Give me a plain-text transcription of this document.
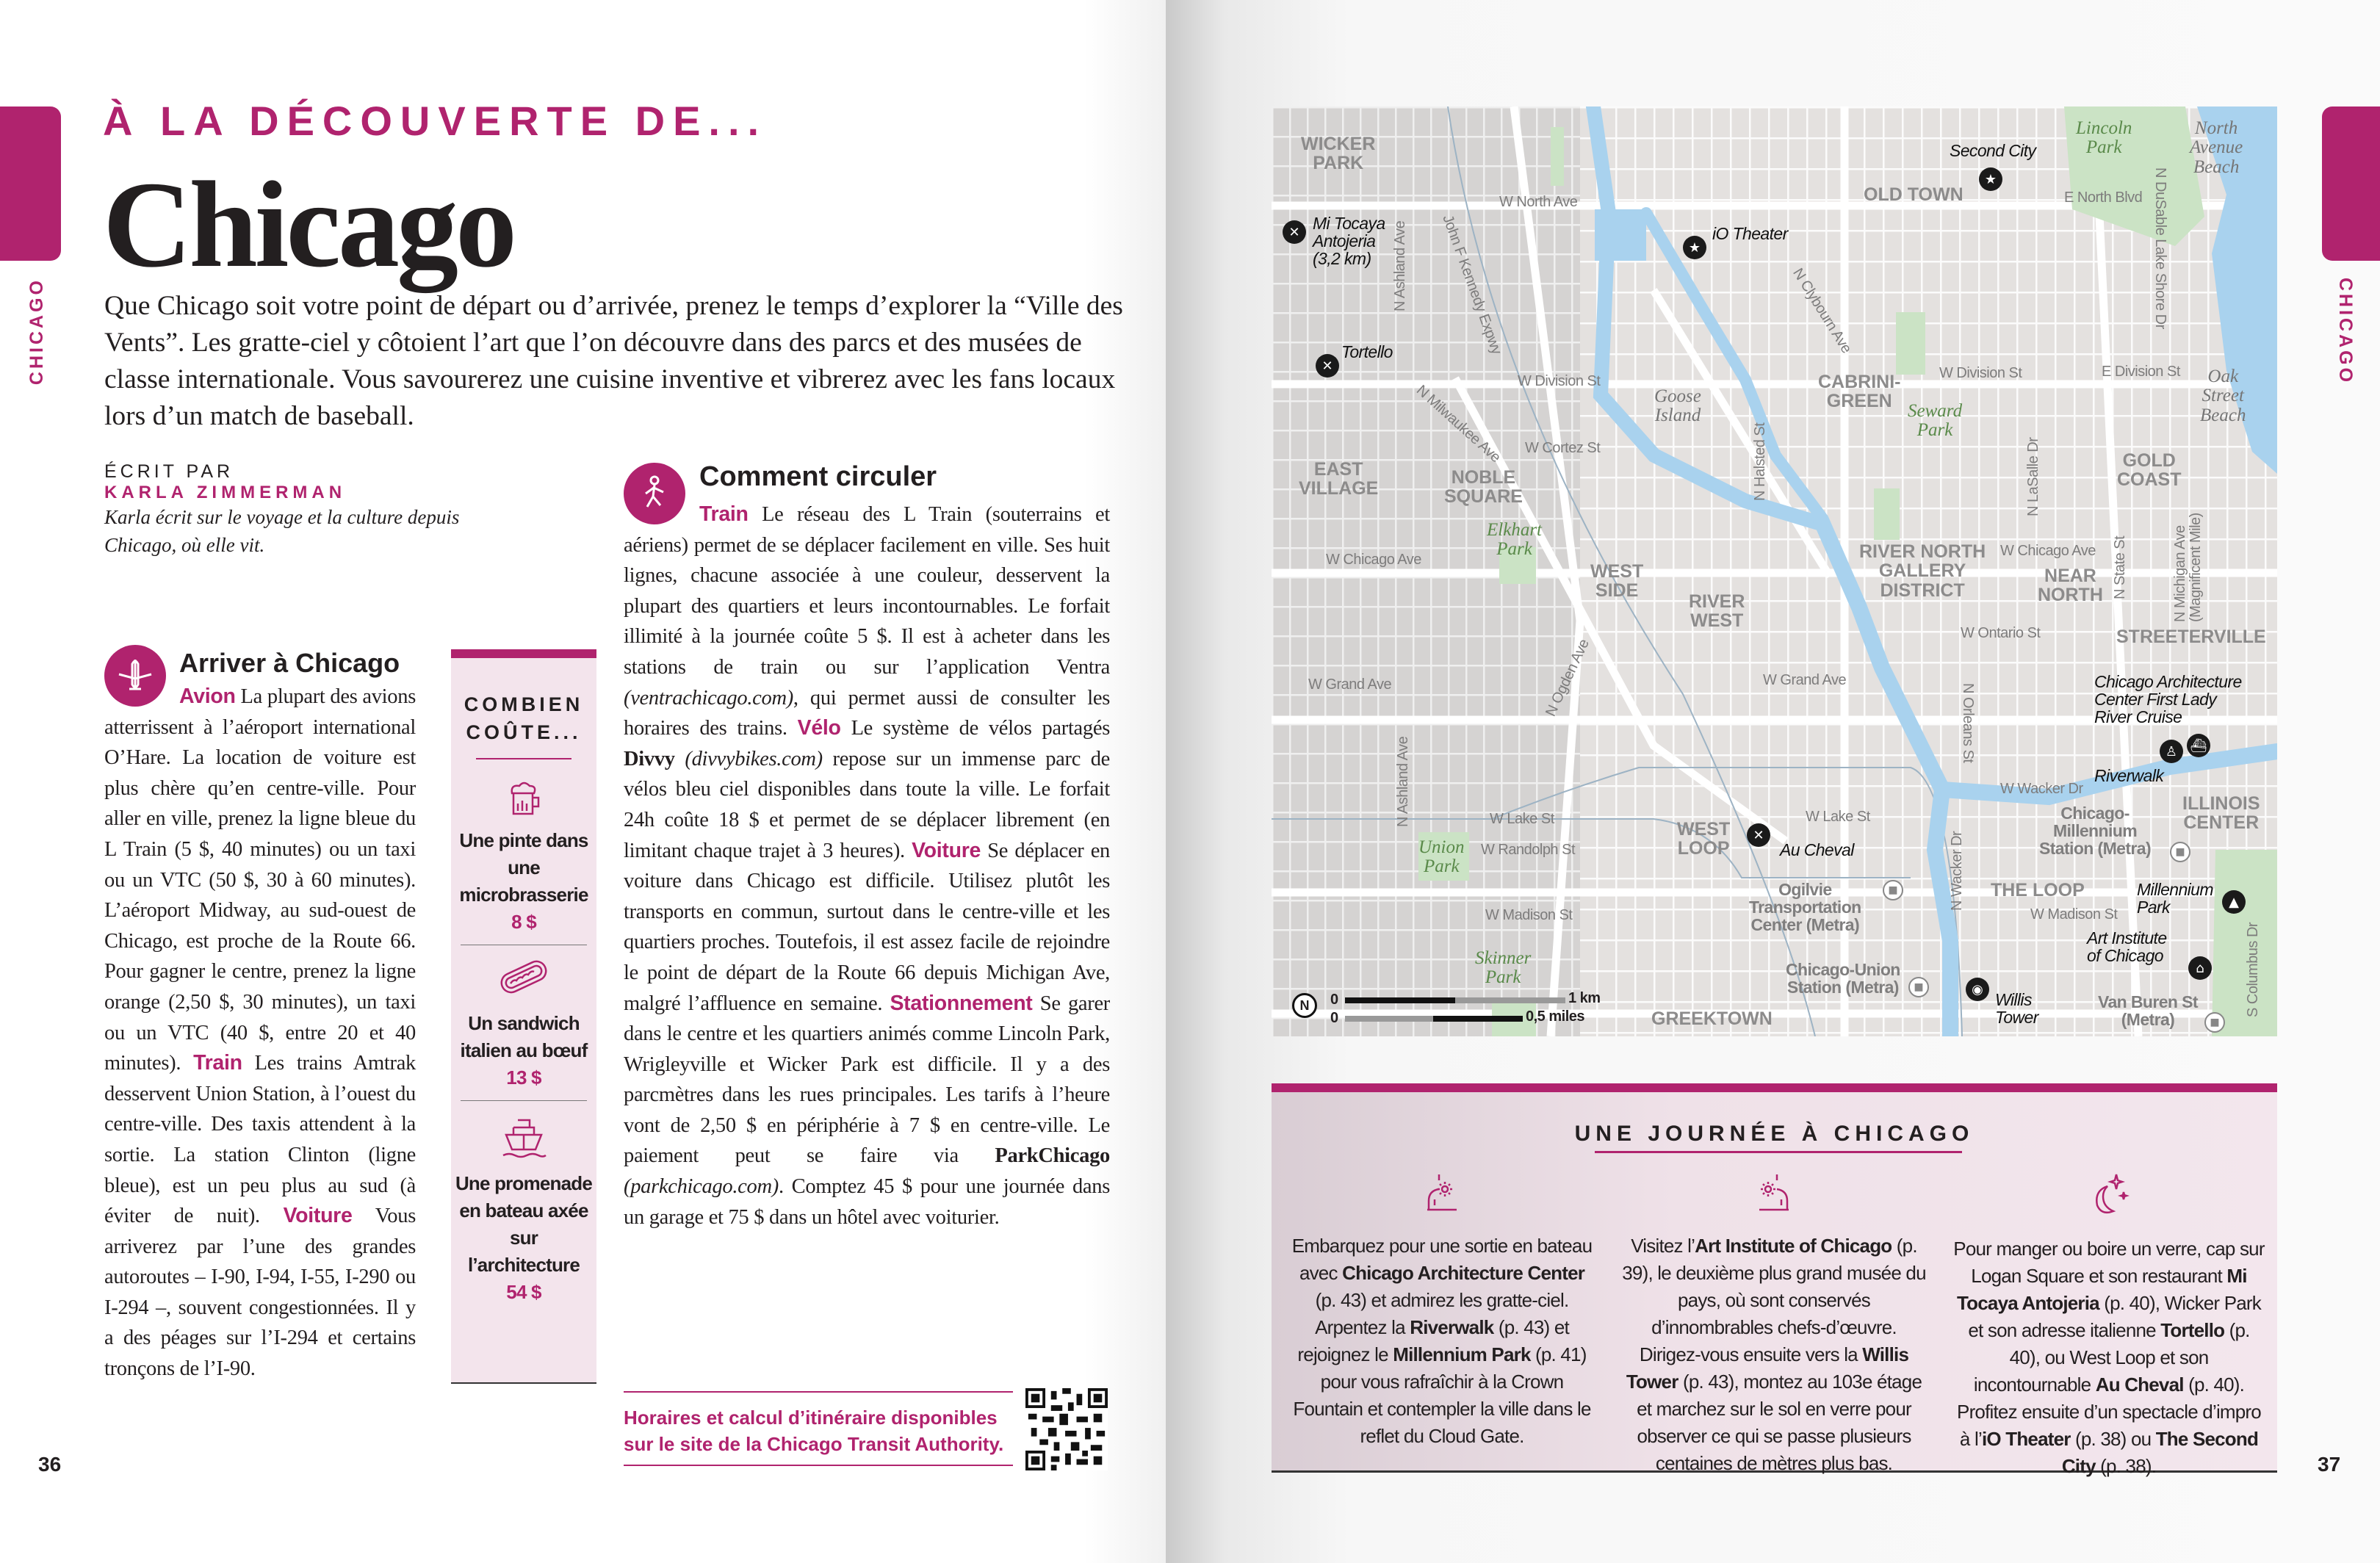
CHICAGO	CHICAGO
À LA DÉCOUVERTE DE...
Chicago
Que Chicago soit votre point de départ ou d’arrivée, prenez le temps d’explorer la “Ville des Vents”. Les gratte-ciel y côtoient l’art que l’on découvre dans des parcs et des musées de classe internationale. Vous savourerez une cuisine inventive et vibrerez avec les fans locaux lors d’un match de baseball.
ÉCRIT PAR
KARLA ZIMMERMAN
Karla écrit sur le voyage et la culture depuis Chicago, où elle vit.
Arriver à Chicago
Avion La plupart des avions atterrissent à l’aéroport international O’Hare. La location de voiture est plus chère qu’en centre-ville. Pour aller en ville, prenez la ligne bleue du L Train (5 $, 40 minutes) ou un taxi ou un VTC (50 $, 30 à 60 minutes). L’aéroport Midway, au sud-ouest de Chicago, est proche de la Route 66. Pour gagner le centre, prenez la ligne orange (2,50 $, 30 minutes), un taxi ou un VTC (40 $, entre 20 et 40 minutes). Train Les trains Amtrak desservent Union Station, à l’ouest du centre-ville. Des taxis attendent à la sortie. La station Clinton (ligne bleue), est un peu plus au sud (à éviter de nuit). Voiture Vous arriverez par l’une des grandes autoroutes – I-90, I-94, I-55, I-290 ou I-294 –, souvent congestionnées. Il y a des péages sur l’I-294 et certains tronçons de l’I-90.
COMBIEN COÛTE...
Une pinte dans une microbrasserie
8 $
Un sandwich italien au bœuf 13 $
Une promenade en bateau axée sur l’architecture
54 $
Comment circuler
Train Le réseau des L Train (souterrains et aériens) permet de se déplacer facilement en ville. Ses huit lignes, chacune associée à une couleur, desservent la plupart des quartiers et leurs incontournables. Le forfait illimité à la journée coûte 5 $. Il est à acheter dans les stations de train ou sur l’application Ventra (ventrachicago.com), qui permet aussi de consulter les horaires des trains. Vélo Le système de vélos partagés Divvy (divvybikes.com) repose sur un immense parc de vélos bleu ciel disponibles dans toute la ville. Le forfait 24h coûte 18 $ et permet de se déplacer librement (en limitant chaque trajet à 3 heures). Voiture Se déplacer en voiture dans Chicago est difficile. Utilisez plutôt les transports en commun, surtout dans le centre-ville et les quartiers proches. Toutefois, il est assez facile de rejoindre le point de départ de la Route 66 depuis Michigan Ave, malgré l’affluence en semaine. Stationnement Se garer dans le centre et les quartiers animés comme Lincoln Park, Wrigleyville et Wicker Park est difficile. Il y a des parcmètres dans les rues principales. Les tarifs à l’heure vont de 2,50 $ en périphérie à 7 $ en centre-ville. Le paiement peut se faire via ParkChicago (parkchicago.com). Comptez 45 $ pour une journée dans un garage et 75 $ dans un hôtel avec voiturier.
Horaires et calcul d’itinéraire disponibles
sur le site de la Chicago Transit Authority.
36	37
★
✕
★
✕
✕
♙ ⛴
▲
⌂
◉
■
■
■
■
WICKER
PARK
W North Ave	OLD TOWN
Second City
Lincoln
Park
North
Avenue
Beach
E North Blvd N DuSable Lake Shore Dr
Mi Tocaya
Antojeria
(3,2 km)
iO Theater
N Ashland Ave John F Kennedy Expwy	N Clybourn Ave
Tortello
W Division St	CABRINI-
GREEN
W Division St	E Division St	Oak
Street
Beach
Goose
Island	Seward
Park
N Milwaukee Ave W Cortez St	N Halsted St	N LaSalle Dr
EAST
VILLAGE
NOBLE
SQUARE
GOLD
COAST
Elkhart
Park
W Chicago Ave
WEST
SIDE
RIVER NORTH
GALLERY
DISTRICT
W Chicago Ave
NEAR
NORTH N State St
N Michigan Ave
(Magnificent Mile)
RIVER
WEST
W Ontario St	STREETERVILLE
W Grand Ave	W Grand Ave
N Ogden Ave
N Orleans St
Chicago Architecture
Center First Lady
River Cruise
Riverwalk
W Wacker Dr
ILLINOIS
CENTER
Chicago-
Millennium
Station (Metra)
W Lake St	W Lake St
WEST
LOOP	Au Cheval
N Ashland Ave
Union
Park
W Randolph St	N Wacker Dr
Ogilvie
Transportation
Center (Metra)
THE LOOP
W Madison St	W Madison St
Millennium
Park
Art Institute
of Chicago
Skinner
Park	Chicago-Union
Station (Metra)
Willis
Tower
Van Buren St
(Metra)
GREEKTOWN
S Columbus Dr
N	0	1 km
0	0,5 miles
UNE JOURNÉE À CHICAGO
Embarquez pour une sortie en bateau avec Chicago Architecture Center (p. 43) et admirez les gratte-ciel. Arpentez la Riverwalk (p. 43) et rejoignez le Millennium Park (p. 41) pour vous rafraîchir à la Crown Fountain et contempler la ville dans le reflet du Cloud Gate.
Visitez l’Art Institute of Chicago (p. 39), le deuxième plus grand musée du pays, où sont conservés d’innombrables chefs-d’œuvre. Dirigez-vous ensuite vers la Willis Tower (p. 43), montez au 103e étage et marchez sur le sol en verre pour observer ce qui se passe plusieurs centaines de mètres plus bas.
Pour manger ou boire un verre, cap sur Logan Square et son restaurant Mi Tocaya Antojeria (p. 40), Wicker Park et son adresse italienne Tortello (p. 40), ou West Loop et son incontournable Au Cheval (p. 40). Profitez ensuite d’un spectacle d’impro à l’iO Theater (p. 38) ou The Second City (p. 38).
